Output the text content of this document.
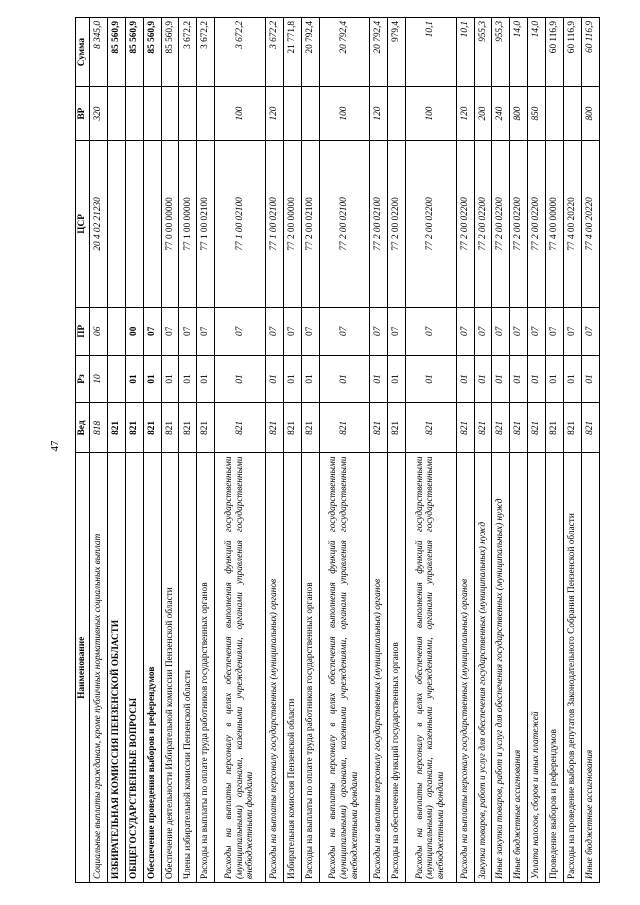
47
Наименование	Вед	Рз	ПР	ЦСР	ВР	Сумма
Социальные выплаты гражданам, кроме публичных нормативных социальных выплат	818	10	06	20 4 02 21230	320	8 345,0
ИЗБИРАТЕЛЬНАЯ КОМИССИЯ ПЕНЗЕНСКОЙ ОБЛАСТИ	821					85 560,9
ОБЩЕГОСУДАРСТВЕННЫЕ ВОПРОСЫ	821	01	00			85 560,9
Обеспечение проведения выборов и референдумов	821	01	07			85 560,9
Обеспечение деятельности Избирательной комиссии Пензенской области	821	01	07	77 0 00 00000		85 560,9
Члены избирательной комиссии Пензенской области	821	01	07	77 1 00 00000		3 672,2
Расходы на выплаты по оплате труда работников государственных органов	821	01	07	77 1 00 02100		3 672,2
Расходы на выплаты персоналу в целях обеспечения выполнения функций государственными (муниципальными) органами, казенными учреждениями, органами управления государственными внебюджетными фондами	821	01	07	77 1 00 02100	100	3 672,2
Расходы на выплаты персоналу государственных (муниципальных) органов	821	01	07	77 1 00 02100	120	3 672,2
Избирательная комиссия Пензенской области	821	01	07	77 2 00 00000		21 771,8
Расходы на выплаты по оплате труда работников государственных органов	821	01	07	77 2 00 02100		20 792,4
Расходы на выплаты персоналу в целях обеспечения выполнения функций государственными (муниципальными) органами, казенными учреждениями, органами управления государственными внебюджетными фондами	821	01	07	77 2 00 02100	100	20 792,4
Расходы на выплаты персоналу государственных (муниципальных) органов	821	01	07	77 2 00 02100	120	20 792,4
Расходы на обеспечение функций государственных органов	821	01	07	77 2 00 02200		979,4
Расходы на выплаты персоналу в целях обеспечения выполнения функций государственными (муниципальными) органами, казенными учреждениями, органами управления государственными внебюджетными фондами	821	01	07	77 2 00 02200	100	10,1
Расходы на выплаты персоналу государственных (муниципальных) органов	821	01	07	77 2 00 02200	120	10,1
Закупка товаров, работ и услуг для обеспечения государственных (муниципальных) нужд	821	01	07	77 2 00 02200	200	955,3
Иные закупки товаров, работ и услуг для обеспечения государственных (муниципальных) нужд	821	01	07	77 2 00 02200	240	955,3
Иные бюджетные ассигнования	821	01	07	77 2 00 02200	800	14,0
Уплата налогов, сборов и иных платежей	821	01	07	77 2 00 02200	850	14,0
Проведение выборов и референдумов	821	01	07	77 4 00 00000		60 116,9
Расходы на проведение выборов депутатов Законодательного Собрания Пензенской области	821	01	07	77 4 00 20220		60 116,9
Иные бюджетные ассигнования	821	01	07	77 4 00 20220	800	60 116,9
